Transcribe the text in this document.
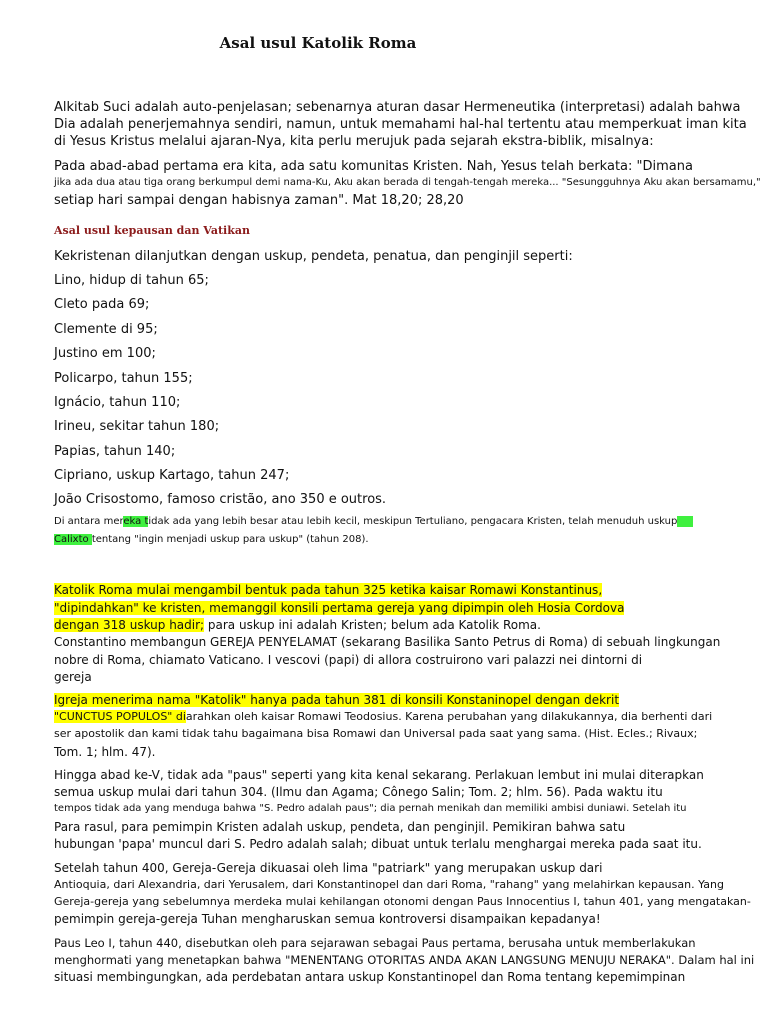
Asal usul Katolik Roma

Alkitab Suci adalah auto-penjelasan; sebenarnya aturan dasar Hermeneutika (interpretasi) adalah bahwa

Dia adalah penerjemahnya sendiri, namun, untuk memahami hal-hal tertentu atau memperkuat iman kita

di Yesus Kristus melalui ajaran-Nya, kita perlu merujuk pada sejarah ekstra-biblik, misalnya:

Pada abad-abad pertama era kita, ada satu komunitas Kristen. Nah, Yesus telah berkata: "Dimana

jika ada dua atau tiga orang berkumpul demi nama-Ku, Aku akan berada di tengah-tengah mereka... "Sesungguhnya Aku akan bersamamu,"

setiap hari sampai dengan habisnya zaman". Mat 18,20; 28,20

Asal usul kepausan dan Vatikan

Kekristenan dilanjutkan dengan uskup, pendeta, penatua, dan penginjil seperti:

Lino, hidup di tahun 65;

Cleto pada 69;

Clemente di 95;

Justino em 100;

Policarpo, tahun 155;

Ignácio, tahun 110;

Irineu, sekitar tahun 180;

Papias, tahun 140;

Cipriano, uskup Kartago, tahun 247;

João Crisostomo, famoso cristão, ano 350 e outros.

Di antara mereka tidak ada yang lebih besar atau lebih kecil, meskipun Tertuliano, pengacara Kristen, telah menuduh uskup

Calixto tentang "ingin menjadi uskup para uskup" (tahun 208).

Katolik Roma mulai mengambil bentuk pada tahun 325 ketika kaisar Romawi Konstantinus,

"dipindahkan" ke kristen, memanggil konsili pertama gereja yang dipimpin oleh Hosia Cordova

dengan 318 uskup hadir; para uskup ini adalah Kristen; belum ada Katolik Roma.

Constantino membangun GEREJA PENYELAMAT (sekarang Basilika Santo Petrus di Roma) di sebuah lingkungan

nobre di Roma, chiamato Vaticano. I vescovi (papi) di allora costruirono vari palazzi nei dintorni di

gereja

Igreja menerima nama "Katolik" hanya pada tahun 381 di konsili Konstaninopel dengan dekrit

"CUNCTUS POPULOS" diarahkan oleh kaisar Romawi Teodosius. Karena perubahan yang dilakukannya, dia berhenti dari

ser apostolik dan kami tidak tahu bagaimana bisa Romawi dan Universal pada saat yang sama. (Hist. Ecles.; Rivaux;

Tom. 1; hlm. 47).

Hingga abad ke-V, tidak ada "paus" seperti yang kita kenal sekarang. Perlakuan lembut ini mulai diterapkan

semua uskup mulai dari tahun 304. (Ilmu dan Agama; Cônego Salin; Tom. 2; hlm. 56). Pada waktu itu

tempos tidak ada yang menduga bahwa "S. Pedro adalah paus"; dia pernah menikah dan memiliki ambisi duniawi. Setelah itu

Para rasul, para pemimpin Kristen adalah uskup, pendeta, dan penginjil. Pemikiran bahwa satu

hubungan 'papa' muncul dari S. Pedro adalah salah; dibuat untuk terlalu menghargai mereka pada saat itu.

Setelah tahun 400, Gereja-Gereja dikuasai oleh lima "patriark" yang merupakan uskup dari

Antioquia, dari Alexandria, dari Yerusalem, dari Konstantinopel dan dari Roma, "rahang" yang melahirkan kepausan. Yang

Gereja-gereja yang sebelumnya merdeka mulai kehilangan otonomi dengan Paus Innocentius I, tahun 401, yang mengatakan-

pemimpin gereja-gereja Tuhan mengharuskan semua kontroversi disampaikan kepadanya!

Paus Leo I, tahun 440, disebutkan oleh para sejarawan sebagai Paus pertama, berusaha untuk memberlakukan

menghormati yang menetapkan bahwa "MENENTANG OTORITAS ANDA AKAN LANGSUNG MENUJU NERAKA". Dalam hal ini

situasi membingungkan, ada perdebatan antara uskup Konstantinopel dan Roma tentang kepemimpinan
